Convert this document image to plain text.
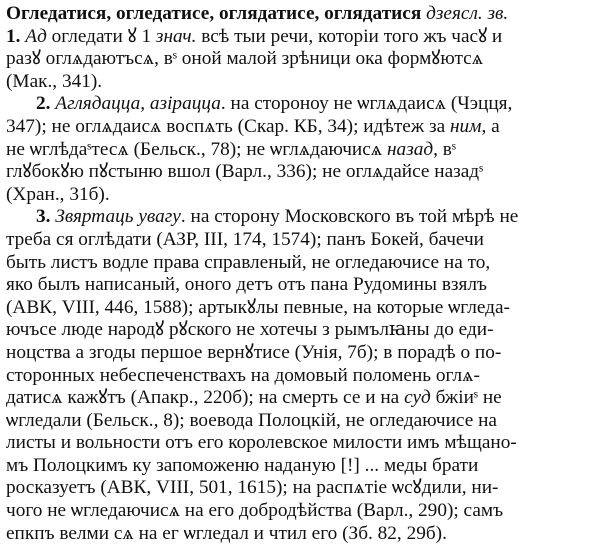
Огледатися, огледатисе, оглядатисе, оглядатися дзеясл. зв.
1. Ад огледати ꙋ 1 знач. всѣ тыи речи, которіи того жъ часꙋ и
разꙋ оглѧдаютъсѧ, вˢ оной малой зрѣници ока формꙋютсѧ
(Мак., 341).
2. Аглядацца, азірацца. на стороноу не ѡглѧдаисѧ (Чэцця,
347); не оглѧдаисѧ воспѧть (Скар. КБ, 34); идѣтеж за ним, а
не ѡглѣдаˢтесѧ (Бельск., 78); не ѡглѧдаючисѧ назад, вˢ
глꙋбокꙋю пꙋстыню вшол (Варл., 336); не оглѧдайсе назадˢ
(Хран., 31б).
3. Звяртаць увагу. на сторону Московского въ той мѣрѣ не
треба ся оглѣдати (АЗР, III, 174, 1574); панъ Бокей, бачечи
быть листъ водле права справленый, не огледаючисе на то,
яко былъ написаный, оного детъ отъ пана Рудомины взялъ
(АВК, VIII, 446, 1588); артыкꙋлы певные, на которые ѡгледа-
ючъсе люде народꙋ рꙋского не хотечы з рымълꙗны до еди-
ноцства а згоды першое вернꙋтисе (Унія, 7б); в порадѣ о по-
сторонных небеспеченствахъ на домовый поломень оглѧ-
датисѧ кажꙋтъ (Апакр., 220б); на смерть се и на суд бжіиˢ не
ѡгледали (Бельск., 8); воевода Полоцкій, не огледаючисе на
листы и вольности отъ его королевское милости имъ мѣщано-
мъ Полоцкимъ ку запоможеню наданую [!] ... меды брати
росказуетъ (АВК, VIII, 501, 1615); на распѧтіе ѡсꙋдили, ни-
чого не ѡгледаючисѧ на его добродѣйства (Варл., 290); самъ
епкпъ велми сѧ на ег ѡгледал и чтил его (Зб. 82, 29б).
